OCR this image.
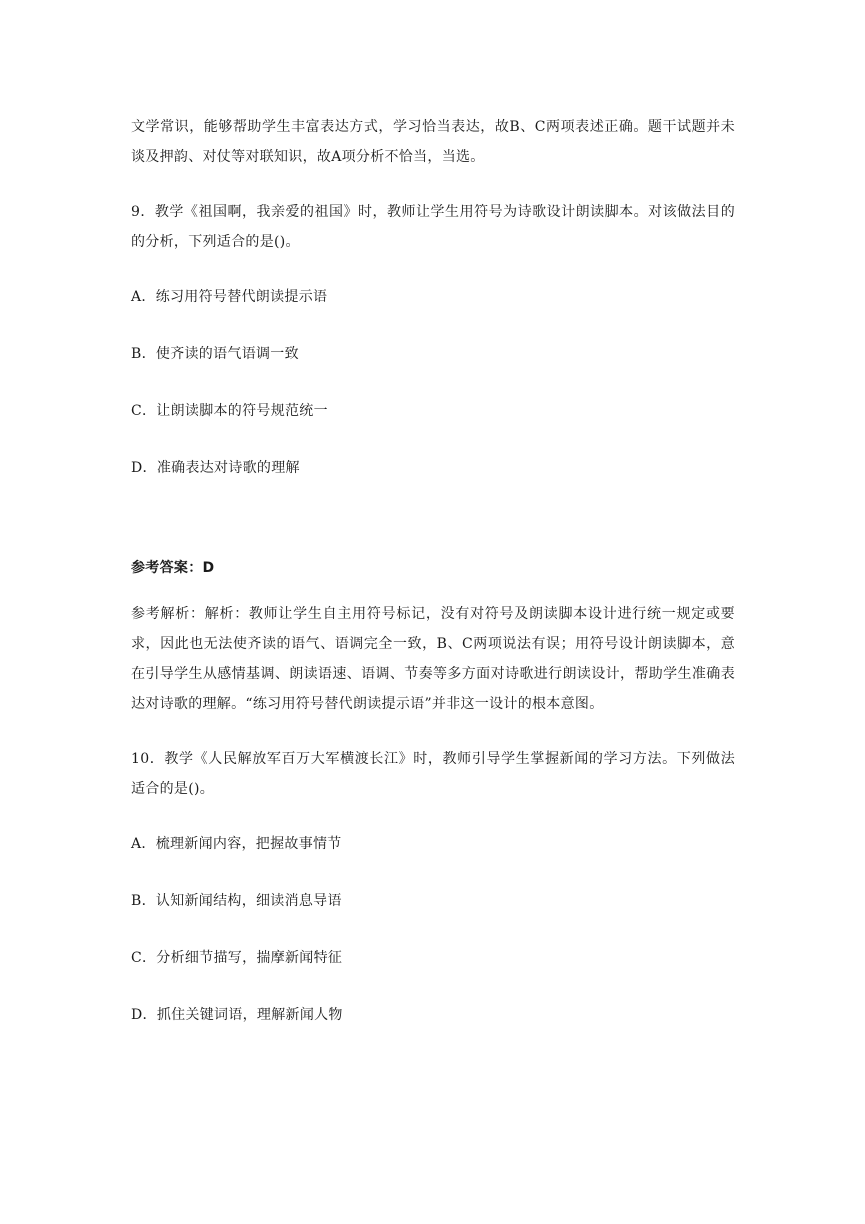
文学常识，能够帮助学生丰富表达方式，学习恰当表达，故B、C两项表述正确。题干试题并未谈及押韵、对仗等对联知识，故A项分析不恰当，当选。

9．教学《祖国啊，我亲爱的祖国》时，教师让学生用符号为诗歌设计朗读脚本。对该做法目的的分析，下列适合的是()。

A．练习用符号替代朗读提示语
B．使齐读的语气语调一致
C．让朗读脚本的符号规范统一
D．准确表达对诗歌的理解
参考答案：D

参考解析：解析：教师让学生自主用符号标记，没有对符号及朗读脚本设计进行统一规定或要求，因此也无法使齐读的语气、语调完全一致，B、C两项说法有误；用符号设计朗读脚本，意在引导学生从感情基调、朗读语速、语调、节奏等多方面对诗歌进行朗读设计，帮助学生准确表达对诗歌的理解。“练习用符号替代朗读提示语”并非这一设计的根本意图。

10．教学《人民解放军百万大军横渡长江》时，教师引导学生掌握新闻的学习方法。下列做法适合的是()。

A．梳理新闻内容，把握故事情节
B．认知新闻结构，细读消息导语
C．分析细节描写，揣摩新闻特征
D．抓住关键词语，理解新闻人物
